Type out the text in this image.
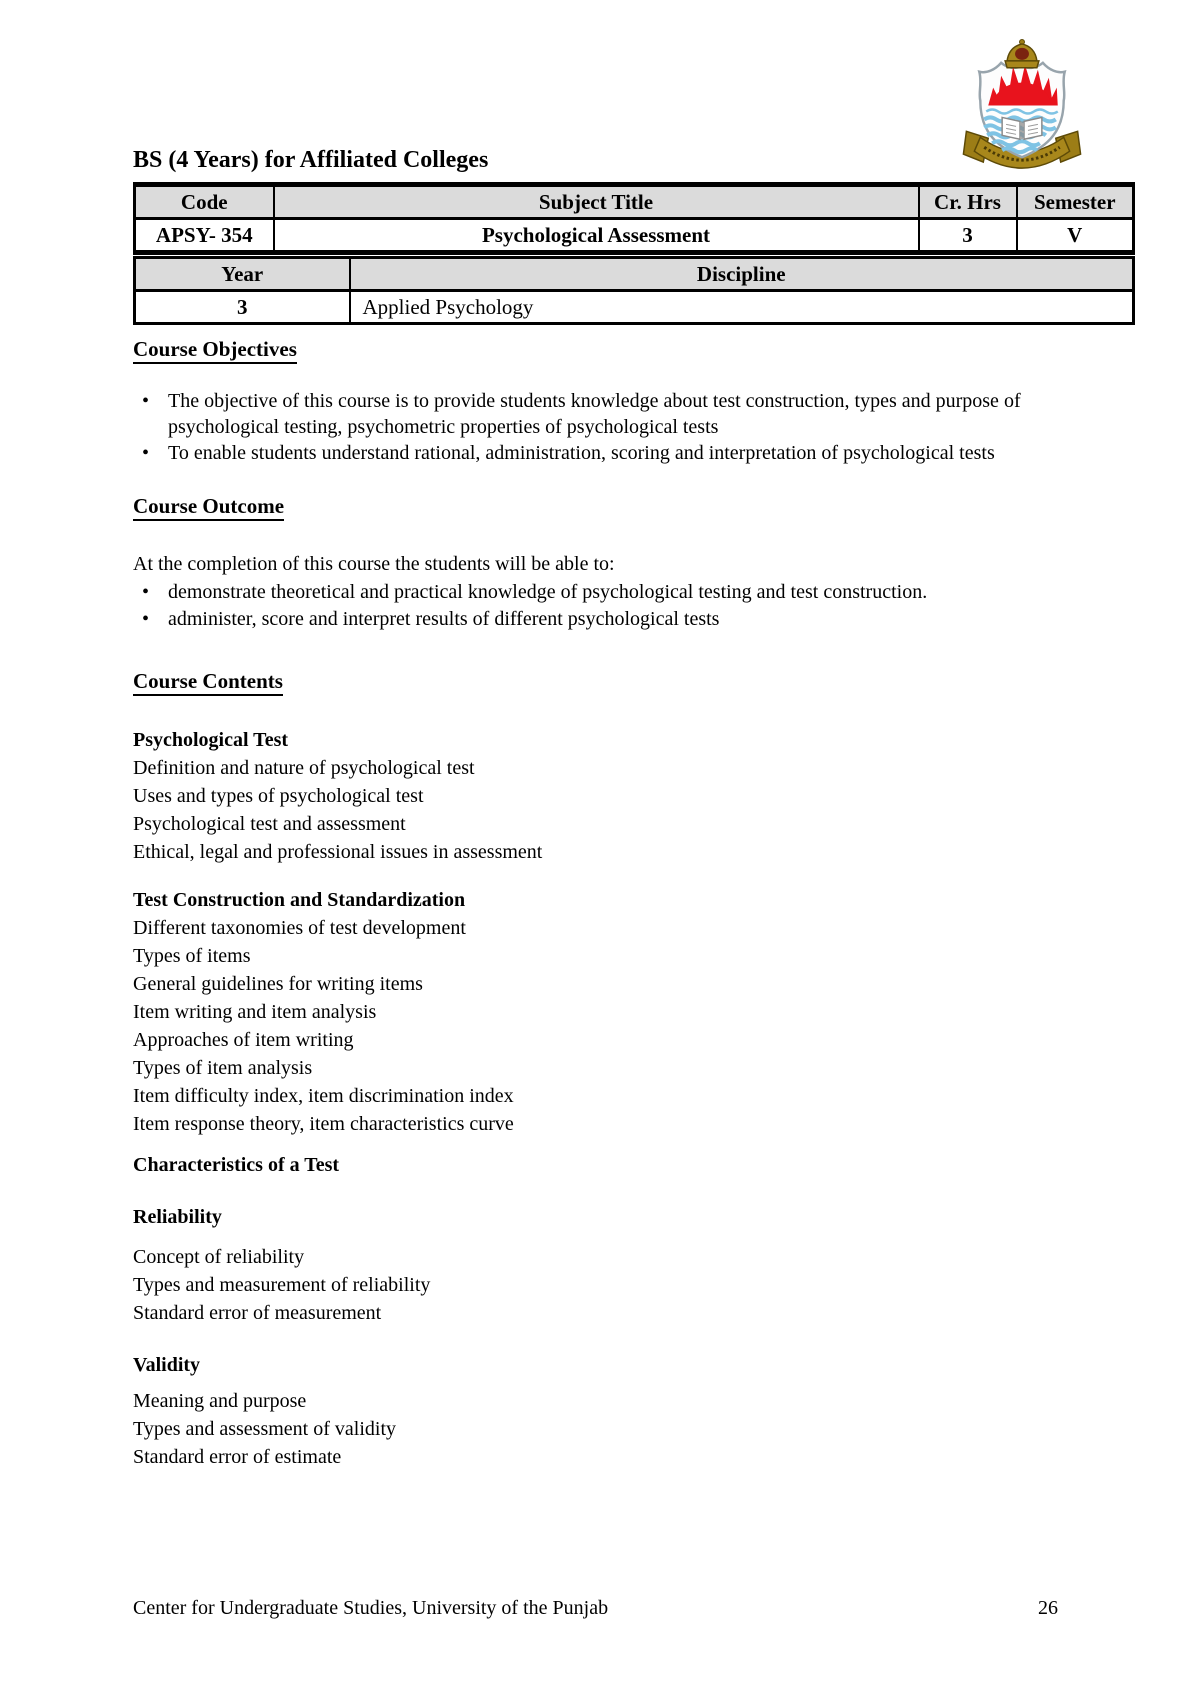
BS (4 Years) for Affiliated Colleges
Code	Subject Title	Cr. Hrs	Semester
APSY- 354	Psychological Assessment	3	V
Year	Discipline
3	Applied Psychology
Course Objectives
• The objective of this course is to provide students knowledge about test construction, types and purpose of psychological testing, psychometric properties of psychological tests
• To enable students understand rational, administration, scoring and interpretation of psychological tests
Course Outcome

At the completion of this course the students will be able to:

• demonstrate theoretical and practical knowledge of psychological testing and test construction.
• administer, score and interpret results of different psychological tests
Course Contents
Psychological Test
Definition and nature of psychological test
Uses and types of psychological test
Psychological test and assessment
Ethical, legal and professional issues in assessment
Test Construction and Standardization
Different taxonomies of test development
Types of items
General guidelines for writing items
Item writing and item analysis
Approaches of item writing
Types of item analysis
Item difficulty index, item discrimination index
Item response theory, item characteristics curve
Characteristics of a Test
Reliability
Concept of reliability
Types and measurement of reliability
Standard error of measurement
Validity
Meaning and purpose
Types and assessment of validity
Standard error of estimate
Center for Undergraduate Studies, University of the Punjab	26
